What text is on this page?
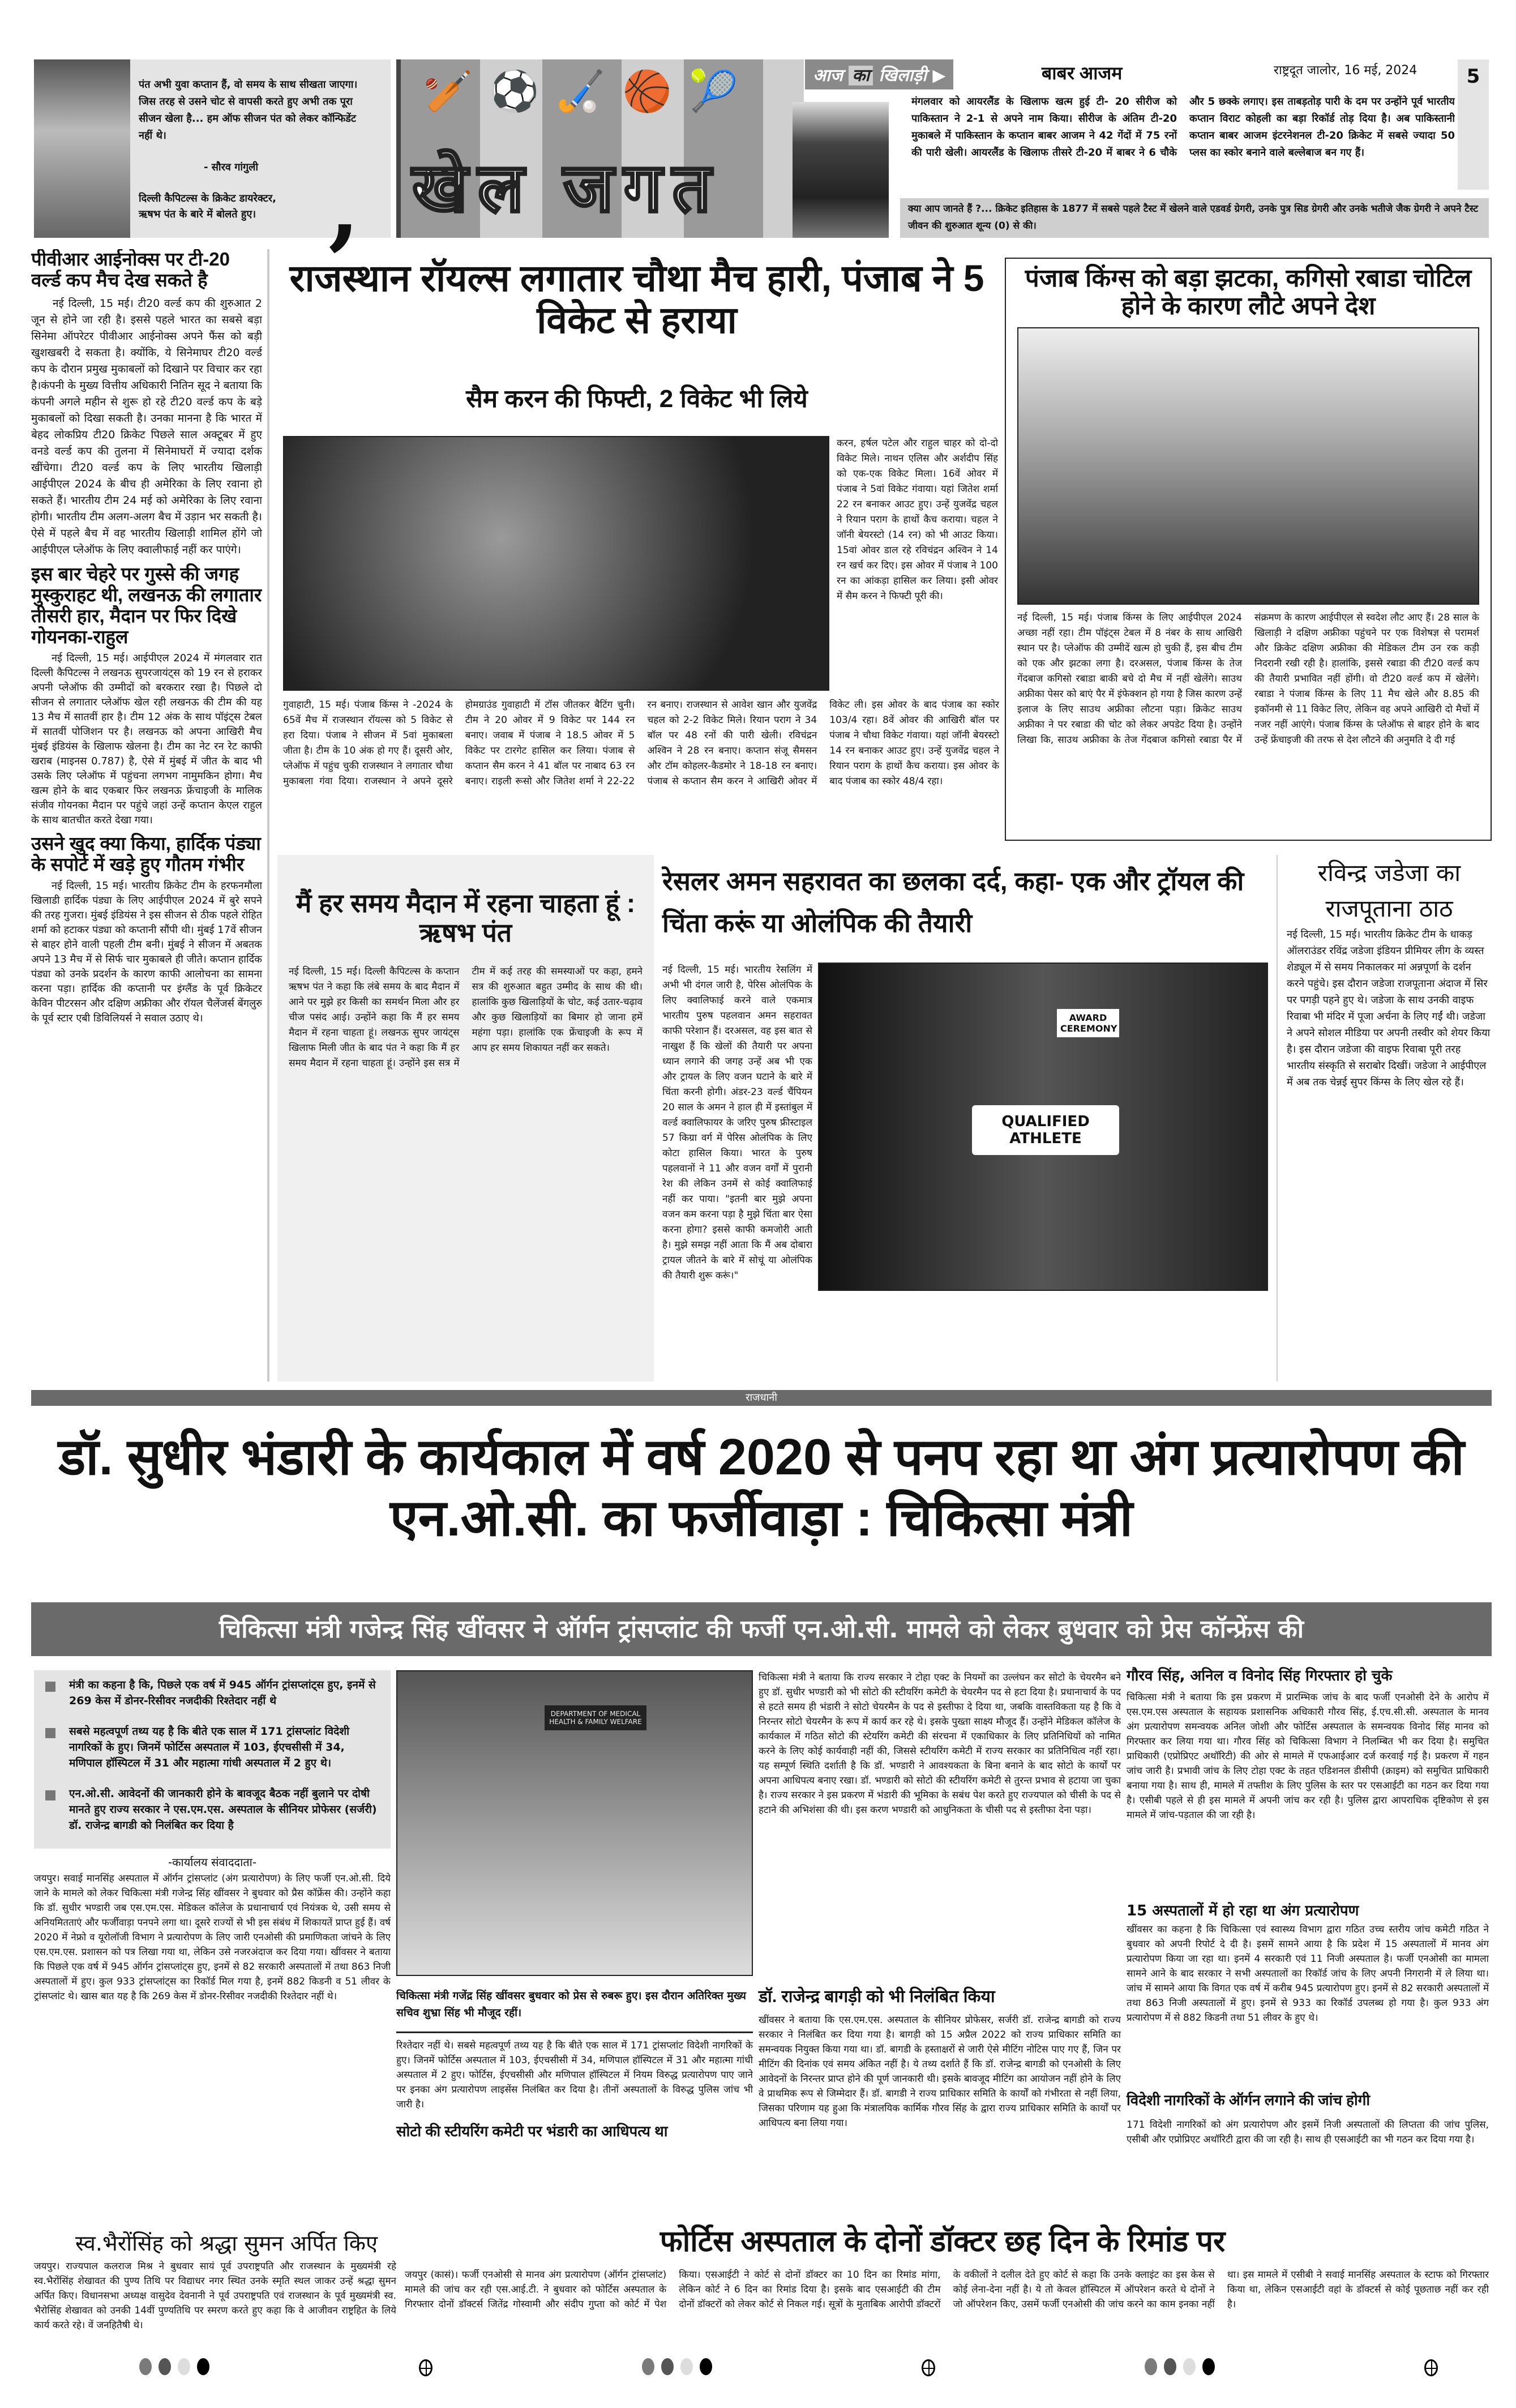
पंत अभी युवा कप्तान हैं, वो समय के साथ सीखता जाएगा। जिस तरह से उसने चोट से वापसी करते हुए अभी तक पूरा सीजन खेला है... हम ऑफ सीजन पंत को लेकर कॉन्फिडेंट नहीं थे।
- सौरव गांगुली
दिल्ली कैपिटल्स के क्रिकेट डायरेक्टर, ऋषभ पंत के बारे में बोलते हुए। ,
🏏⚽🏑🏀🎾
खेल जगत
आज का खिलाड़ी ▶	बाबर आजम	राष्ट्रदूत जालोर, 16 मई, 2024	5
मंगलवार को आयरलैंड के खिलाफ खत्म हुई टी- 20 सीरीज को पाकिस्तान ने 2-1 से अपने नाम किया। सीरीज के अंतिम टी-20 मुकाबले में पाकिस्तान के कप्तान बाबर आजम ने 42 गेंदों में 75 रनों की पारी खेली। आयरलैंड के खिलाफ तीसरे टी-20 में बाबर ने 6 चौके और 5 छक्के लगाए। इस ताबड़तोड़ पारी के दम पर उन्होंने पूर्व भारतीय कप्तान विराट कोहली का बड़ा रिकॉर्ड तोड़ दिया है। अब पाकिस्तानी कप्तान बाबर आजम इंटरनेशनल टी-20 क्रिकेट में सबसे ज्यादा 50 प्लस का स्कोर बनाने वाले बल्लेबाज बन गए हैं।
क्या आप जानते हैं ?... क्रिकेट इतिहास के 1877 में सबसे पहले टैस्ट में खेलने वाले एडवर्ड ग्रेगरी, उनके पुत्र सिड ग्रेगरी और उनके भतीजे जैक ग्रेगरी ने अपने टैस्ट जीवन की शुरुआत शून्य (0) से की।
पीवीआर आईनोक्स पर टी-20 वर्ल्ड कप मैच देख सकते है

नई दिल्ली, 15 मई। टी20 वर्ल्ड कप की शुरुआत 2 जून से होने जा रही है। इससे पहले भारत का सबसे बड़ा सिनेमा ऑपरेटर पीवीआर आईनोक्स अपने फैंस को बड़ी खुशखबरी दे सकता है। क्योंकि, ये सिनेमाघर टी20 वर्ल्ड कप के दौरान प्रमुख मुकाबलों को दिखाने पर विचार कर रहा है।कंपनी के मुख्य वित्तीय अधिकारी नितिन सूद ने बताया कि कंपनी अगले महीन से शुरू हो रहे टी20 वर्ल्ड कप के बड़े मुकाबलों को दिखा सकती है। उनका मानना है कि भारत में बेहद लोकप्रिय टी20 क्रिकेट पिछले साल अक्टूबर में हुए वनडे वर्ल्ड कप की तुलना में सिनेमाघरों में ज्यादा दर्शक खींचेगा। टी20 वर्ल्ड कप के लिए भारतीय खिलाड़ी आईपीएल 2024 के बीच ही अमेरिका के लिए रवाना हो सकते हैं। भारतीय टीम 24 मई को अमेरिका के लिए रवाना होगी। भारतीय टीम अलग-अलग बैच में उड़ान भर सकती है। ऐसे में पहले बैच में वह भारतीय खिलाड़ी शामिल होंगे जो आईपीएल प्लेऑफ के लिए क्वालीफाई नहीं कर पाएंगे।

इस बार चेहरे पर गुस्से की जगह मुस्कुराहट थी, लखनऊ की लगातार तीसरी हार, मैदान पर फिर दिखे गोयनका-राहुल

नई दिल्ली, 15 मई। आईपीएल 2024 में मंगलवार रात दिल्ली कैपिटल्स ने लखनऊ सुपरजायंट्स को 19 रन से हराकर अपनी प्लेऑफ की उम्मीदों को बरकरार रखा है। पिछले दो सीजन से लगातार प्लेऑफ खेल रही लखनऊ की टीम की यह 13 मैच में सातवीं हार है। टीम 12 अंक के साथ पॉइंट्स टेबल में सातवीं पोजिशन पर है। लखनऊ को अपना आखिरी मैच मुंबई इंडियंस के खिलाफ खेलना है। टीम का नेट रन रेट काफी खराब (माइनस 0.787) है, ऐसे में मुंबई में जीत के बाद भी उसके लिए प्लेऑफ में पहुंचना लगभग नामुमकिन होगा। मैच खत्म होने के बाद एकबार फिर लखनऊ फ्रेंचाइजी के मालिक संजीव गोयनका मैदान पर पहुंचे जहां उन्हें कप्तान केएल राहुल के साथ बातचीत करते देखा गया।

उसने खुद क्या किया, हार्दिक पंड्या के सपोर्ट में खड़े हुए गौतम गंभीर

नई दिल्ली, 15 मई। भारतीय क्रिकेट टीम के हरफनमौला खिलाडी हार्दिक पंड्या के लिए आईपीएल 2024 में बुरे सपने की तरह गुजरा। मुंबई इंडियंस ने इस सीजन से ठीक पहले रोहित शर्मा को हटाकर पंड्या को कप्तानी सौंपी थी। मुंबई 17वें सीजन से बाहर होने वाली पहली टीम बनी। मुंबई ने सीजन में अबतक अपने 13 मैच में से सिर्फ चार मुकाबले ही जीते। कप्तान हार्दिक पंड्या को उनके प्रदर्शन के कारण काफी आलोचना का सामना करना पड़ा। हार्दिक की कप्तानी पर इंग्लैंड के पूर्व क्रिकेटर केविन पीटरसन और दक्षिण अफ्रीका और रॉयल चैलेंजर्स बेंगलुरु के पूर्व स्टार एबी डिविलियर्स ने सवाल उठाए थे।

राजस्थान रॉयल्स लगातार चौथा मैच हारी, पंजाब ने 5 विकेट से हराया
सैम करन की फिफ्टी, 2 विकेट भी लिये
करन, हर्षल पटेल और राहुल चाहर को दो-दो विकेट मिले। नाथन एलिस और अर्शदीप सिंह को एक-एक विकेट मिला। 16वें ओवर में पंजाब ने 5वां विकेट गंवाया। यहां जितेश शर्मा 22 रन बनाकर आउट हुए। उन्हें युजवेंद्र चहल ने रियान पराग के हाथों कैच कराया। चहल ने जॉनी बेयरस्टो (14 रन) को भी आउट किया। 15वां ओवर डाल रहे रविचंद्रन अश्विन ने 14 रन खर्च कर दिए। इस ओवर में पंजाब ने 100 रन का आंकड़ा हासिल कर लिया। इसी ओवर में सैम करन ने फिफ्टी पूरी की।
गुवाहाटी, 15 मई। पंजाब किंग्स ने -2024 के 65वें मैच में राजस्थान रॉयल्स को 5 विकेट से हरा दिया। पंजाब ने सीजन में 5वां मुकाबला जीता है। टीम के 10 अंक हो गए हैं। दूसरी ओर, प्लेऑफ में पहुंच चुकी राजस्थान ने लगातार चौथा मुकाबला गंवा दिया। राजस्थान ने अपने दूसरे होमग्राउंड गुवाहाटी में टॉस जीतकर बैटिंग चुनी। टीम ने 20 ओवर में 9 विकेट पर 144 रन बनाए। जवाब में पंजाब ने 18.5 ओवर में 5 विकेट पर टारगेट हासिल कर लिया। पंजाब से कप्तान सैम करन ने 41 बॉल पर नाबाद 63 रन बनाए। राइली रूसो और जितेश शर्मा ने 22-22 रन बनाए। राजस्थान से आवेश खान और युजवेंद्र चहल को 2-2 विकेट मिले। रियान पराग ने 34 बॉल पर 48 रनों की पारी खेली। रविचंद्रन अश्विन ने 28 रन बनाए। कप्तान संजू सैमसन और टॉम कोहलर-कैडमोर ने 18-18 रन बनाए। पंजाब से कप्तान सैम करन ने आखिरी ओवर में विकेट ली। इस ओवर के बाद पंजाब का स्कोर 103/4 रहा। 8वें ओवर की आखिरी बॉल पर पंजाब ने चौथा विकेट गंवाया। यहां जॉनी बेयरस्टो 14 रन बनाकर आउट हुए। उन्हें युजवेंद्र चहल ने रियान पराग के हाथों कैच कराया। इस ओवर के बाद पंजाब का स्कोर 48/4 रहा।
पंजाब किंग्स को बड़ा झटका, कगिसो रबाडा चोटिल होने के कारण लौटे अपने देश
नई दिल्ली, 15 मई। पंजाब किंग्स के लिए आईपीएल 2024 अच्छा नहीं रहा। टीम पॉइंट्स टेबल में 8 नंबर के साथ आखिरी स्थान पर है। प्लेऑफ की उम्मीदें खत्म हो चुकी हैं, इस बीच टीम को एक और झटका लगा है। दरअसल, पंजाब किंग्स के तेज गेंदबाज कगिसो रबाडा बाकी बचे दो मैच में नहीं खेलेंगे। साउथ अफ्रीका पेसर को बाएं पैर में इंफेक्शन हो गया है जिस कारण उन्हें इलाज के लिए साउथ अफ्रीका लौटना पड़ा। क्रिकेट साउथ अफ्रीका ने पर रबाडा की चोट को लेकर अपडेट दिया है। उन्होंने लिखा कि, साउथ अफ्रीका के तेज गेंदबाज कगिसो रबाडा पैर में संक्रमण के कारण आईपीएल से स्वदेश लौट आए हैं। 28 साल के खिलाड़ी ने दक्षिण अफ्रीका पहुंचने पर एक विशेषज्ञ से परामर्श और क्रिकेट दक्षिण अफ्रीका की मेडिकल टीम उन रक कड़ी निदरानी रखी रही है। हालांकि, इससे रबाडा की टी20 वर्ल्ड कप की तैयारी प्रभावित नहीं होंगी। वो टी20 वर्ल्ड कप में खेलेंगे। रबाडा ने पंजाब किंग्स के लिए 11 मैच खेले और 8.85 की इकॉनमी से 11 विकेट लिए, लेकिन वह अपने आखिरी दो मैचों में नजर नहीं आएंगे। पंजाब किंग्स के प्लेऑफ से बाहर होने के बाद उन्हें फ्रेंचाइजी की तरफ से देश लौटने की अनुमति दे दी गई
मैं हर समय मैदान में रहना चाहता हूं : ऋषभ पंत
नई दिल्ली, 15 मई। दिल्ली कैपिटल्स के कप्तान ऋषभ पंत ने कहा कि लंबे समय के बाद मैदान में आने पर मुझे हर किसी का समर्थन मिला और हर चीज पसंद आई। उन्होंने कहा कि मैं हर समय मैदान में रहना चाहता हूं। लखनऊ सुपर जायंट्स खिलाफ मिली जीत के बाद पंत ने कहा कि मैं हर समय मैदान में रहना चाहता हूं। उन्होंने इस सत्र में टीम में कई तरह की समस्याओं पर कहा, हमने सत्र की शुरुआत बहुत उम्मीद के साथ की थी। हालांकि कुछ खिलाड़ियों के चोट, कई उतार-चढ़ाव और कुछ खिलाड़ियों का बिमार हो जाना हमें महंगा पड़ा। हालांकि एक फ्रेंचाइजी के रूप में आप हर समय शिकायत नहीं कर सकते।
रेसलर अमन सहरावत का छलका दर्द, कहा- एक और ट्रॉयल की चिंता करूं या ओलंपिक की तैयारी
AWARD CEREMONY
QUALIFIED ATHLETE
नई दिल्ली, 15 मई। भारतीय रेसलिंग में अभी भी दंगल जारी है, पेरिस ओलंपिक के लिए क्वालिफाई करने वाले एकमात्र भारतीय पुरुष पहलवान अमन सहरावत काफी परेशान हैं। दरअसल, वह इस बात से नाखुश हैं कि खेलों की तैयारी पर अपना ध्यान लगाने की जगह उन्हें अब भी एक और ट्रायल के लिए वजन घटाने के बारे में चिंता करनी होगी। अंडर-23 वर्ल्ड चैंपियन 20 साल के अमन ने हाल ही में इस्तांबुल में वर्ल्ड क्वालिफायर के जरिए पुरुष फ्रीस्टाइल 57 किग्रा वर्ग में पेरिस ओलंपिक के लिए कोटा हासिल किया। भारत के पुरुष पहलवानों ने 11 और वजन वर्गों में पुरानी रेश की लेकिन उनमें से कोई क्वालिफाई नहीं कर पाया। "इतनी बार मुझे अपना वजन कम करना पड़ा है मुझे चिंता बार ऐसा करना होगा? इससे काफी कमजोरी आती है। मुझे समझ नहीं आता कि मैं अब दोबारा ट्रायल जीतने के बारे में सोचूं या ओलंपिक की तैयारी शुरू करूं।"
रविन्द्र जडेजा का राजपूताना ठाठ
नई दिल्ली, 15 मई। भारतीय क्रिकेट टीम के धाकड़ ऑलराउंडर रविंद्र जडेजा इंडियन प्रीमियर लीग के व्यस्त शेड्यूल में से समय निकालकर मां अन्नपूर्णा के दर्शन करने पहुंचे। इस दौरान जडेजा राजपूताना अंदाज में सिर पर पगड़ी पहने हुए थे। जडेजा के साथ उनकी वाइफ रिवाबा भी मंदिर में पूजा अर्चना के लिए गईं थी। जडेजा ने अपने सोशल मीडिया पर अपनी तस्वीर को शेयर किया है। इस दौरान जडेजा की वाइफ रिवाबा पूरी तरह भारतीय संस्कृति से सराबोर दिखीं। जडेजा ने आईपीएल में अब तक चेन्नई सुपर किंग्स के लिए खेल रहे हैं।
राजधानी
डॉ. सुधीर भंडारी के कार्यकाल में वर्ष 2020 से पनप रहा था अंग प्रत्यारोपण की एन.ओ.सी. का फर्जीवाड़ा : चिकित्सा मंत्री
चिकित्सा मंत्री गजेन्द्र सिंह खींवसर ने ऑर्गन ट्रांसप्लांट की फर्जी एन.ओ.सी. मामले को लेकर बुधवार को प्रेस कॉन्फ्रेंस की
मंत्री का कहना है कि, पिछले एक वर्ष में 945 ऑर्गन ट्रांसप्लांट्स हुए, इनमें से 269 केस में डोनर-रिसीवर नजदीकी रिश्तेदार नहीं थे
सबसे महत्वपूर्ण तथ्य यह है कि बीते एक साल में 171 ट्रांसप्लांट विदेशी नागरिकों के हुए। जिनमें फोर्टिस अस्पताल में 103, ईएचसीसी में 34, मणिपाल हॉस्पिटल में 31 और महात्मा गांधी अस्पताल में 2 हुए थे।
एन.ओ.सी. आवेदनों की जानकारी होने के बावजूद बैठक नहीं बुलाने पर दोषी मानते हुए राज्य सरकार ने एस.एम.एस. अस्पताल के सीनियर प्रोफेसर (सर्जरी) डॉ. राजेन्द्र बागडी को निलंबित कर दिया है
-कार्यालय संवाददाता-
जयपुर। सवाई मानसिंह अस्पताल में ऑर्गन ट्रांसप्लांट (अंग प्रत्यारोपण) के लिए फर्जी एन.ओ.सी. दिये जाने के मामले को लेकर चिकित्सा मंत्री गजेन्द्र सिंह खींवसर ने बुधवार को प्रैस कॉफ्रेंस की। उन्होंने कहा कि डॉ. सुधीर भण्डारी जब एस.एम.एस. मेडिकल कॉलेज के प्रधानाचार्य एवं नियंत्रक थे, उसी समय से अनियमितताएं और फर्जीवाड़ा पनपने लगा था। दूसरे राज्यों से भी इस संबंध में शिकायतें प्राप्त हुई हैं। वर्ष 2020 में नेफ्रो व यूरोलॉजी विभाग ने प्रत्यारोपण के लिए जारी एनओसी की प्रमाणिकता जांचने के लिए एस.एम.एस. प्रशासन को पत्र लिखा गया था, लेकिन उसे नजरअंदाज कर दिया गया। खींवसर ने बताया कि पिछले एक वर्ष में 945 ऑर्गन ट्रांसप्लांट्स हुए, इनमें से 82 सरकारी अस्पतालों में तथा 863 निजी अस्पतालों में हुए। कुल 933 ट्रांसप्लांट्स का रिकॉर्ड मिल गया है, इनमें 882 किडनी व 51 लीवर के ट्रांसप्लांट थे। खास बात यह है कि 269 केस में डोनर-रिसीवर नजदीकी रिश्तेदार नहीं थे।
DEPARTMENT OF MEDICAL HEALTH & FAMILY WELFARE
चिकित्सा मंत्री गजेंद्र सिंह खींवसर बुधवार को प्रेस से रुबरू हुए। इस दौरान अतिरिक्त मुख्य सचिव शुभ्रा सिंह भी मौजूद रहीं।
रिश्तेदार नहीं थे। सबसे महत्वपूर्ण तथ्य यह है कि बीते एक साल में 171 ट्रांसप्लांट विदेशी नागरिकों के हुए। जिनमें फोर्टिस अस्पताल में 103, ईएचसीसी में 34, मणिपाल हॉस्पिटल में 31 और महात्मा गांधी अस्पताल में 2 हुए। फोर्टिस, ईएचसीसी और मणिपाल हॉस्पिटल में नियम विरुद्ध प्रत्यारोपण पाए जाने पर इनका अंग प्रत्यारोपण लाइसेंस निलंबित कर दिया है। तीनों अस्पतालों के विरुद्ध पुलिस जांच भी जारी है।
सोटो की स्टीयरिंग कमेटी पर भंडारी का आधिपत्य था
चिकित्सा मंत्री ने बताया कि राज्य सरकार ने टोहा एक्ट के नियमों का उल्लंघन कर सोटो के चेयरमैन बने हुए डॉ. सुधीर भण्डारी को भी सोटो की स्टीयरिंग कमेटी के चेयरमैन पद से हटा दिया है। प्रधानाचार्य के पद से हटते समय ही भंडारी ने सोटो चेयरमैन के पद से इस्तीफा दे दिया था, जबकि वास्तविकता यह है कि वे निरन्तर सोटो चेयरमैन के रूप में कार्य कर रहे थे। इसके पुख्ता साक्ष्य मौजूद हैं। उन्होंने मेडिकल कॉलेज के कार्यकाल में गठित सोटो की स्टेयरिंग कमेटी की संरचना में एकाधिकार के लिए प्रतिनिधियों को नामित करने के लिए कोई कार्यवाही नहीं की, जिससे स्टीयरिंग कमेटी में राज्य सरकार का प्रतिनिधित्व नहीं रहा। यह सम्पूर्ण स्थिति दर्शाती है कि डॉ. भण्डारी ने आवश्यकता के बिना बनाने के बाद सोटो के कार्यों पर अपना आधिपत्य बनाए रखा। डॉ. भण्डारी को सोटो की स्टीयरिंग कमेटी से तुरन्त प्रभाव से हटाया जा चुका है। राज्य सरकार ने इस प्रकरण में भंडारी की भूमिका के सबंध पेश करते हुए राज्यपाल को चीसी के पद से हटाने की अभिशंसा की थी। इस करण भण्डारी को आधुनिकता के चीसी पद से इस्तीफा देना पड़ा।
डॉ. राजेन्द्र बागड़ी को भी निलंबित किया
खींवसर ने बताया कि एस.एम.एस. अस्पताल के सीनियर प्रोफेसर, सर्जरी डॉ. राजेन्द्र बागडी को राज्य सरकार ने निलंबित कर दिया गया है। बागड़ी को 15 अप्रैल 2022 को राज्य प्राधिकार समिति का समन्वयक नियुक्त किया गया था। डॉ. बागडी के हस्ताक्षरों से जारी ऐसे मीटिंग नोटिस पाए गए हैं, जिन पर मीटिंग की दिनांक एवं समय अंकित नहीं है। ये तथ्य दर्शाते हैं कि डॉ. राजेन्द्र बागडी को एनओसी के लिए आवेदनों के निरन्तर प्राप्त होने की पूर्ण जानकारी थी। इसके बावजूद मीटिंग का आयोजन नहीं होने के लिए वे प्राथमिक रूप से जिम्मेदार हैं। डॉ. बागडी ने राज्य प्राधिकार समिति के कार्यों को गंभीरता से नहीं लिया, जिसका परिणाम यह हुआ कि मंत्रालयिक कार्मिक गौरव सिंह के द्वारा राज्य प्राधिकार समिति के कार्यों पर आधिपत्य बना लिया गया।
गौरव सिंह, अनिल व विनोद सिंह गिरफ्तार हो चुके
चिकित्सा मंत्री ने बताया कि इस प्रकरण में प्रारम्भिक जांच के बाद फर्जी एनओसी देने के आरोप में एस.एम.एस अस्पताल के सहायक प्रशासनिक अधिकारी गौरव सिंह, ई.एच.सी.सी. अस्पताल के मानव अंग प्रत्यारोपण समन्वयक अनिल जोशी और फोर्टिस अस्पताल के समन्वयक विनोद सिंह मानव को गिरफ्तार कर लिया गया था। गौरव सिंह को चिकित्सा विभाग ने निलम्बित भी कर दिया है। समुचित प्राधिकारी (एप्रोप्रिएट अथॉरिटी) की ओर से मामले में एफआईआर दर्ज करवाई गई है। प्रकरण में गहन जांच जारी है। प्रभावी जांच के लिए टोहा एक्ट के तहत एडिशनल डीसीपी (क्राइम) को समुचित प्राधिकारी बनाया गया है। साथ ही, मामले में तफ्तीश के लिए पुलिस के स्तर पर एसआईटी का गठन कर दिया गया है। एसीबी पहले से ही इस मामले में अपनी जांच कर रही है। पुलिस द्वारा आपराधिक दृष्टिकोण से इस मामले में जांच-पड़ताल की जा रही है।
15 अस्पतालों में हो रहा था अंग प्रत्यारोपण
खींवसर का कहना है कि चिकित्सा एवं स्वास्थ्य विभाग द्वारा गठित उच्च स्तरीय जांच कमेटी गठित ने बुधवार को अपनी रिपोर्ट दे दी है। इसमें सामने आया है कि प्रदेश में 15 अस्पतालों में मानव अंग प्रत्यारोपण किया जा रहा था। इनमें 4 सरकारी एवं 11 निजी अस्पताल है। फर्जी एनओसी का मामला सामने आने के बाद सरकार ने सभी अस्पतालों का रिकॉर्ड जांच के लिए अपनी निगरानी में ले लिया था। जांच में सामने आया कि विगत एक वर्ष में करीब 945 प्रत्यारोपण हुए। इनमें से 82 सरकारी अस्पतालों में तथा 863 निजी अस्पतालों में हुए। इनमें से 933 का रिकॉर्ड उपलब्ध हो गया है। कुल 933 अंग प्रत्यारोपण में से 882 किडनी तथा 51 लीवर के हुए थे।
विदेशी नागरिकों के ऑर्गन लगाने की जांच होगी
171 विदेशी नागरिकों को अंग प्रत्यारोपण और इसमें निजी अस्पतालों की लिप्तता की जांच पुलिस, एसीबी और एप्रोप्रिएट अथॉरिटी द्वारा की जा रही है। साथ ही एसआईटी का भी गठन कर दिया गया है।
स्व.भैरोंसिंह को श्रद्धा सुमन अर्पित किए
जयपुर। राज्यपाल कलराज मिश्र ने बुधवार सायं पूर्व उपराष्ट्रपति और राजस्थान के मुख्यमंत्री रहे स्व.भैरोंसिंह शेखावत की पुण्य तिथि पर विद्याधर नगर स्थित उनके स्मृति स्थल जाकर उन्हें श्रद्धा सुमन अर्पित किए। विधानसभा अध्यक्ष वासुदेव देवनानी ने पूर्व उपराष्ट्रपति एवं राजस्थान के पूर्व मुख्यमंत्री स्व. भैरोसिंह शेखावत को उनकी 14वीं पुण्यतिथि पर स्मरण करते हुए कहा कि वे आजीवन राष्ट्रहित के लिये कार्य करते रहे। वें जनहितैषी थे।
फोर्टिस अस्पताल के दोनों डॉक्टर छह दिन के रिमांड पर
जयपुर (कासं)। फर्जी एनओसी से मानव अंग प्रत्यारोपण (ऑर्गन ट्रांसप्लांट) मामले की जांच कर रही एस.आई.टी. ने बुधवार को फोर्टिस अस्पताल के गिरफ्तार दोनों डॉक्टर्स जितेंद्र गोस्वामी और संदीप गुप्ता को कोर्ट में पेश किया। एसआईटी ने कोर्ट से दोनों डॉक्टर का 10 दिन का रिमांड मांगा, लेकिन कोर्ट ने 6 दिन का रिमांड दिया है। इसके बाद एसआईटी की टीम दोनों डॉक्टरों को लेकर कोर्ट से निकल गई। सूत्रों के मुताबिक आरोपी डॉक्टरों के वकीलों ने दलील देते हुए कोर्ट से कहा कि उनके क्लाइंट का इस केस से कोई लेना-देना नहीं है। ये तो केवल हॉस्पिटल में ऑपरेशन करते थे दोनों ने जो ऑपरेशन किए, उसमें फर्जी एनओसी की जांच करने का काम इनका नहीं था। इस मामले में एसीबी ने सवाई मानसिंह अस्पताल के स्टाफ को गिरफ्तार किया था, लेकिन एसआईटी वहां के डॉक्टर्स से कोई पूछताछ नहीं कर रही है।
